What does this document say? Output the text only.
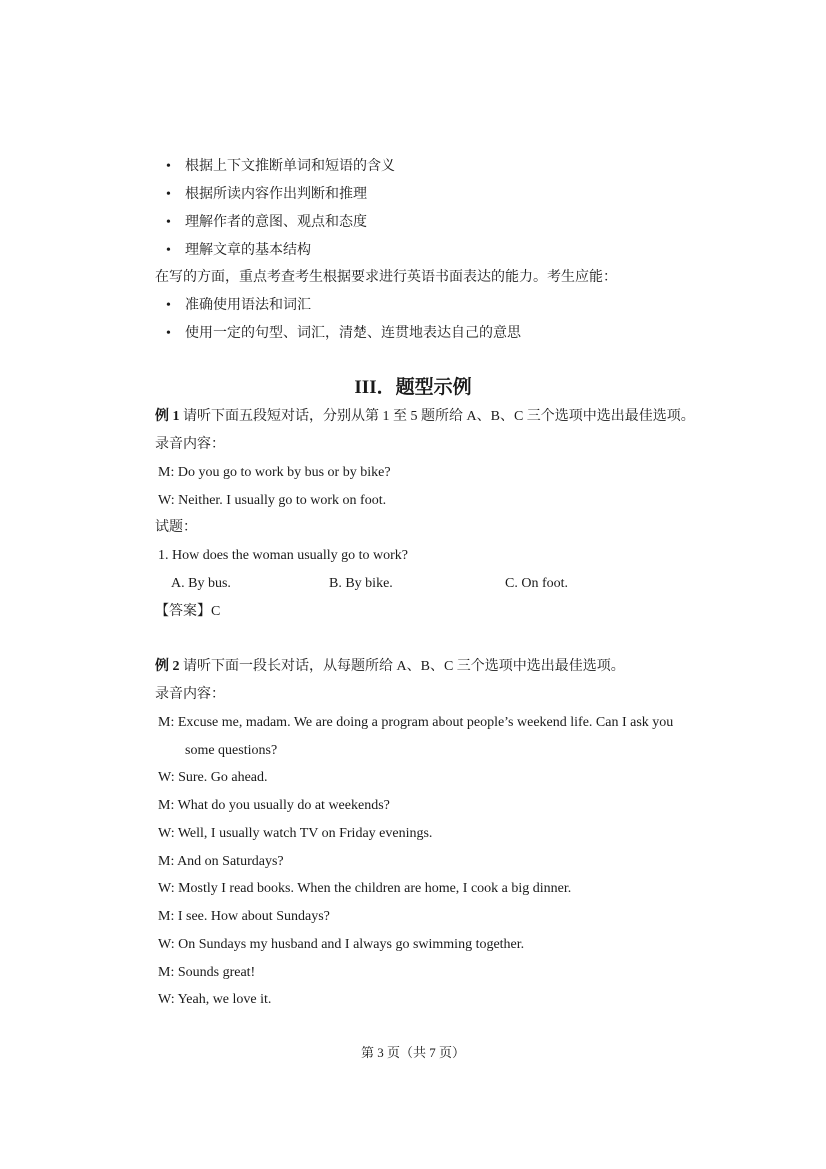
• 根据上下文推断单词和短语的含义
• 根据所读内容作出判断和推理
• 理解作者的意图、观点和态度
• 理解文章的基本结构
在写的方面，重点考查考生根据要求进行英语书面表达的能力。考生应能：
• 准确使用语法和词汇
• 使用一定的句型、词汇，清楚、连贯地表达自己的意思
III．题型示例
例 1 请听下面五段短对话，分别从第 1 至 5 题所给 A、B、C 三个选项中选出最佳选项。
录音内容：
M: Do you go to work by bus or by bike?
W: Neither. I usually go to work on foot.
试题：
1. How does the woman usually go to work?
A. By bus.	B. By bike.	C. On foot.
【答案】C
例 2 请听下面一段长对话，从每题所给 A、B、C 三个选项中选出最佳选项。
录音内容：
M: Excuse me, madam. We are doing a program about people’s weekend life. Can I ask you
some questions?
W: Sure. Go ahead.
M: What do you usually do at weekends?
W: Well, I usually watch TV on Friday evenings.
M: And on Saturdays?
W: Mostly I read books. When the children are home, I cook a big dinner.
M: I see. How about Sundays?
W: On Sundays my husband and I always go swimming together.
M: Sounds great!
W: Yeah, we love it.
第 3 页（共 7 页）
